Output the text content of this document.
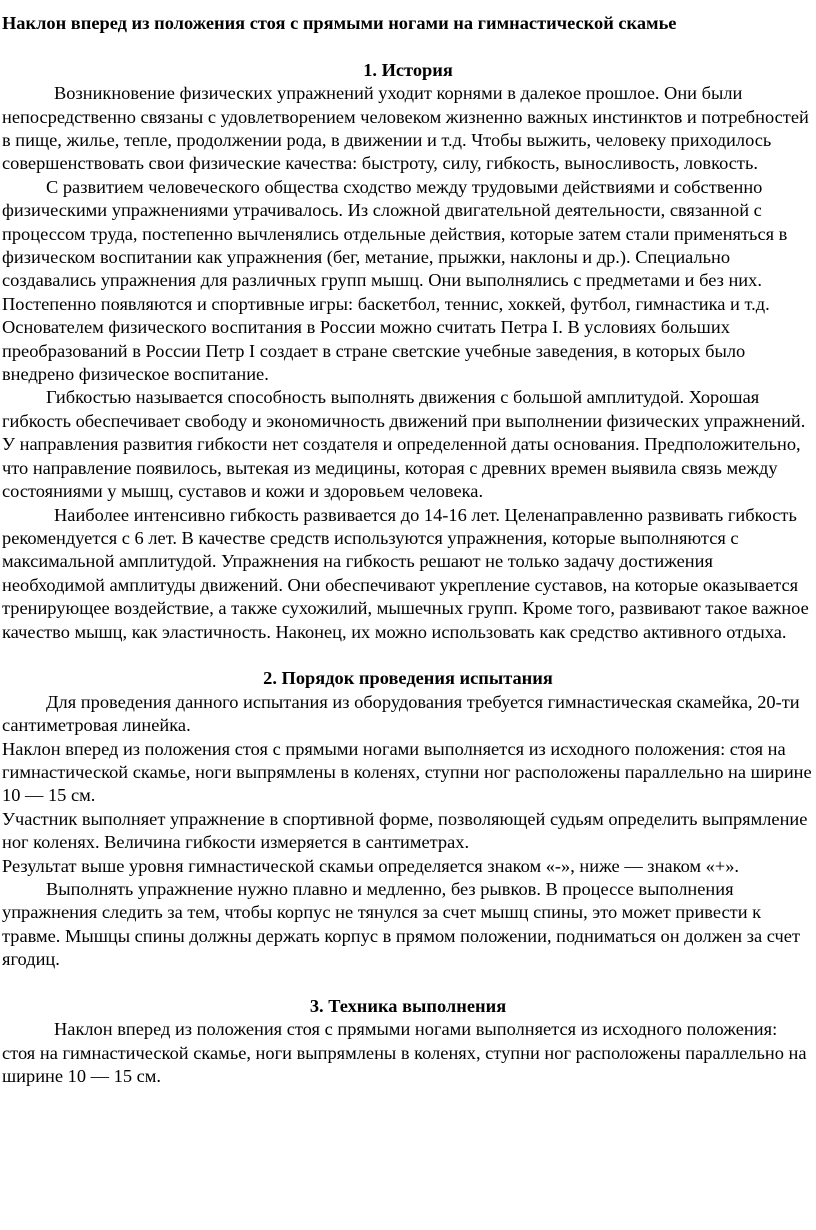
Наклон вперед из положения стоя с прямыми ногами на гимнастической скамье
1. История

Возникновение физических упражнений уходит корнями в далекое прошлое. Они были непосредственно связаны с удовлетворением человеком жизненно важных инстинктов и потребностей в пище, жилье, тепле, продолжении рода, в движении и т.д. Чтобы выжить, человеку приходилось совершенствовать свои физические качества: быстроту, силу, гибкость, выносливость, ловкость.

С развитием человеческого общества сходство между трудовыми действиями и собственно физическими упражнениями утрачивалось. Из сложной двигательной деятельности, связанной с процессом труда, постепенно вычленялись отдельные действия, которые затем стали применяться в физическом воспитании как упражнения (бег, метание, прыжки, наклоны и др.). Специально создавались упражнения для различных групп мышц. Они выполнялись с предметами и без них. Постепенно появляются и спортивные игры: баскетбол, теннис, хоккей, футбол, гимнастика и т.д.

Основателем физического воспитания в России можно считать Петра I. В условиях больших преобразований в России Петр I создает в стране светские учебные заведения, в которых было внедрено физическое воспитание.

Гибкостью называется способность выполнять движения с большой амплитудой. Хорошая гибкость обеспечивает свободу и экономичность движений при выполнении физических упражнений. У направления развития гибкости нет создателя и определенной даты основания. Предположительно, что направление появилось, вытекая из медицины, которая с древних времен выявила связь между состояниями у мышц, суставов и кожи и здоровьем человека.

Наиболее интенсивно гибкость развивается до 14-16 лет. Целенаправленно развивать гибкость рекомендуется с 6 лет. В качестве средств используются упражнения, которые выполняются с максимальной амплитудой. Упражнения на гибкость решают не только задачу достижения необходимой амплитуды движений. Они обеспечивают укрепление суставов, на которые оказывается тренирующее воздействие, а также сухожилий, мышечных групп. Кроме того, развивают такое важное качество мышц, как эластичность. Наконец, их можно использовать как средство активного отдыха.

2. Порядок проведения испытания

Для проведения данного испытания из оборудования требуется гимнастическая скамейка, 20-ти сантиметровая линейка.

Наклон вперед из положения стоя с прямыми ногами выполняется из исходного положения: стоя на гимнастической скамье, ноги выпрямлены в коленях, ступни ног расположены параллельно на ширине 10 — 15 см.

Участник выполняет упражнение в спортивной форме, позволяющей судьям определить выпрямление ног коленях. Величина гибкости измеряется в сантиметрах.

Результат выше уровня гимнастической скамьи определяется знаком «-», ниже — знаком «+».

Выполнять упражнение нужно плавно и медленно, без рывков. В процессе выполнения упражнения следить за тем, чтобы корпус не тянулся за счет мышц спины, это может привести к травме. Мышцы спины должны держать корпус в прямом положении, подниматься он должен за счет ягодиц.

3. Техника выполнения

Наклон вперед из положения стоя с прямыми ногами выполняется из исходного положения: стоя на гимнастической скамье, ноги выпрямлены в коленях, ступни ног расположены параллельно на ширине 10 — 15 см.
